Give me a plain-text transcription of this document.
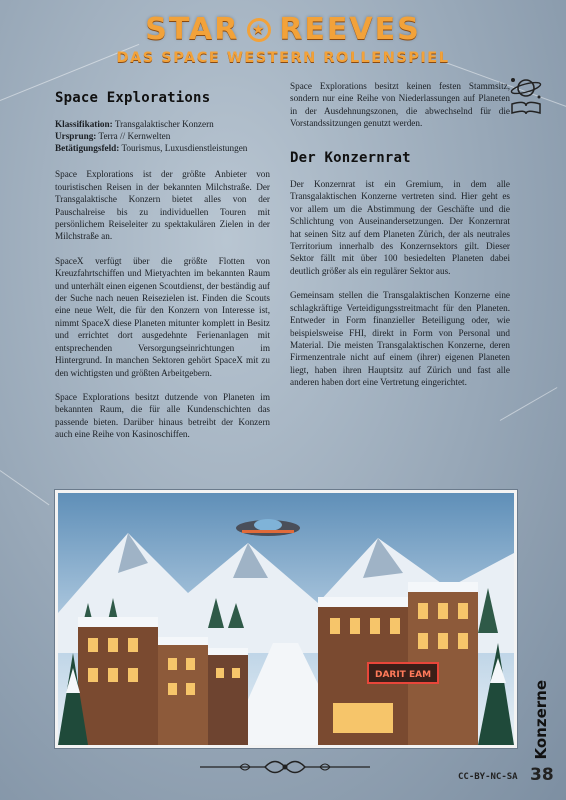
STAR ★ REEVES
DAS SPACE WESTERN ROLLENSPIEL
Space Explorations
Klassifikation: Transgalaktischer Konzern
Ursprung: Terra // Kernwelten
Betätigungsfeld: Tourismus, Luxusdienstleistungen

Space Explorations ist der größte Anbieter von touristischen Reisen in der bekannten Milchstraße. Der Transgalaktische Konzern bietet alles von der Pauschalreise bis zu individuellen Touren mit persönlichem Reiseleiter zu spektakulären Zielen in der Milchstraße an.

SpaceX verfügt über die größte Flotten von Kreuzfahrtschiffen und Mietyachten im bekannten Raum und unterhält einen eigenen Scoutdienst, der beständig auf der Suche nach neuen Reisezielen ist. Finden die Scouts eine neue Welt, die für den Konzern von Interesse ist, nimmt SpaceX diese Planeten mitunter komplett in Besitz und errichtet dort ausgedehnte Ferienanlagen mit entsprechenden Versorgungseinrichtungen im Hintergrund. In manchen Sektoren gehört SpaceX mit zu den wichtigsten und größten Arbeitgebern.

Space Explorations besitzt dutzende von Planeten im bekannten Raum, die für alle Kundenschichten das passende bieten. Darüber hinaus betreibt der Konzern auch eine Reihe von Kasinoschiffen.

Space Explorations besitzt keinen festen Stammsitz, sondern nur eine Reihe von Niederlassungen auf Planeten in der Ausdehnungszonen, die abwechselnd für die Vorstandssitzungen genutzt werden.

Der Konzernrat

Der Konzernrat ist ein Gremium, in dem alle Transgalaktischen Konzerne vertreten sind. Hier geht es vor allem um die Abstimmung der Geschäfte und die Schlichtung von Auseinandersetzungen. Der Konzernrat hat seinen Sitz auf dem Planeten Zürich, der als neutrales Territorium innerhalb des Konzernsektors gilt. Dieser Sektor fällt mit über 100 besiedelten Planeten dabei deutlich größer als ein regulärer Sektor aus.

Gemeinsam stellen die Transgalaktischen Konzerne eine schlagkräftige Verteidigungsstreitmacht für den Planeten. Entweder in Form finanzieller Beteiligung oder, wie beispielsweise FHI, direkt in Form von Personal und Material. Die meisten Transgalaktischen Konzerne, deren Firmenzentrale nicht auf einem (ihrer) eigenen Planeten liegt, haben ihren Hauptsitz auf Zürich und fast alle anderen haben dort eine Vertretung eingerichtet.

DARIT EAM
Konzerne
CC-BY-NC-SA 38
